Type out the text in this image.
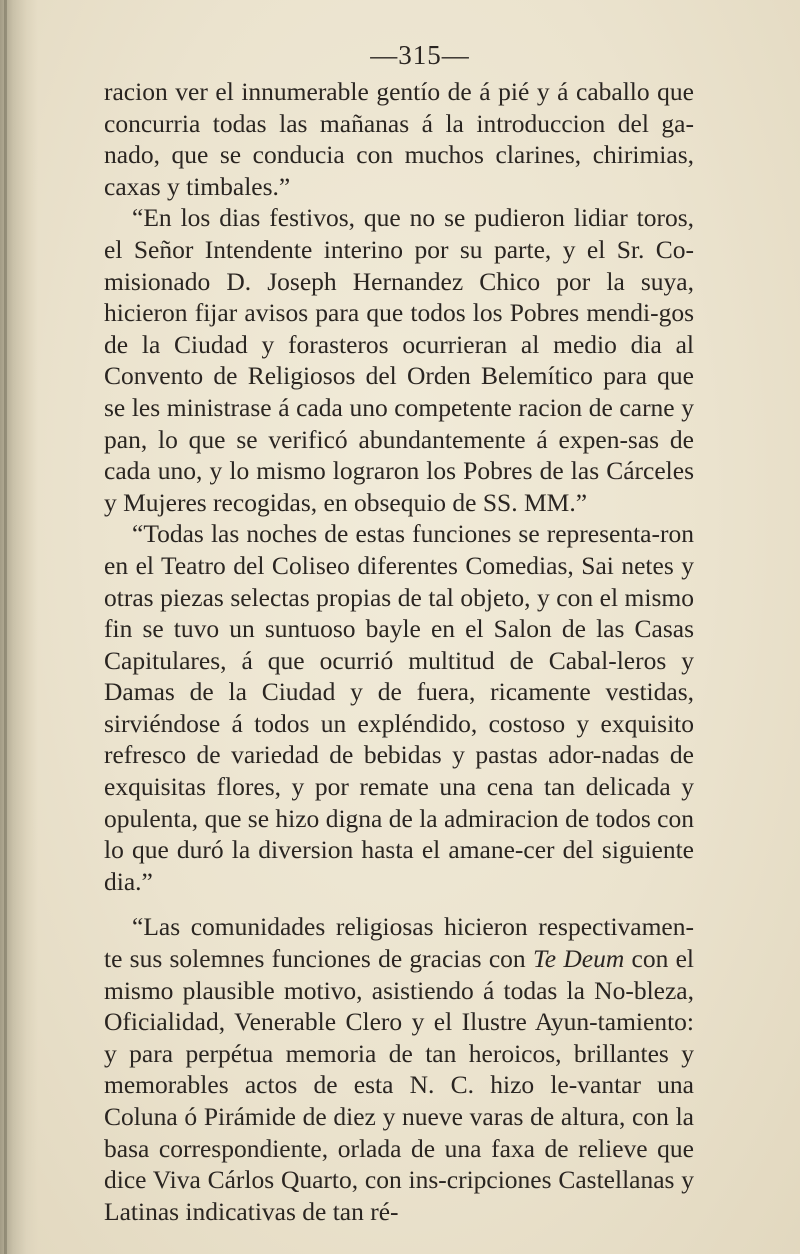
—315—

racion ver el innumerable gentío de á pié y á caballo que concurria todas las mañanas á la introduccion del ga-nado, que se conducia con muchos clarines, chirimias, caxas y timbales.”

“En los dias festivos, que no se pudieron lidiar toros, el Señor Intendente interino por su parte, y el Sr. Co-misionado D. Joseph Hernandez Chico por la suya, hicieron fijar avisos para que todos los Pobres mendi-gos de la Ciudad y forasteros ocurrieran al medio dia al Convento de Religiosos del Orden Belemítico para que se les ministrase á cada uno competente racion de carne y pan, lo que se verificó abundantemente á expen-sas de cada uno, y lo mismo lograron los Pobres de las Cárceles y Mujeres recogidas, en obsequio de SS. MM.”

“Todas las noches de estas funciones se representa-ron en el Teatro del Coliseo diferentes Comedias, Sai netes y otras piezas selectas propias de tal objeto, y con el mismo fin se tuvo un suntuoso bayle en el Salon de las Casas Capitulares, á que ocurrió multitud de Cabal-leros y Damas de la Ciudad y de fuera, ricamente vestidas, sirviéndose á todos un expléndido, costoso y exquisito refresco de variedad de bebidas y pastas ador-nadas de exquisitas flores, y por remate una cena tan delicada y opulenta, que se hizo digna de la admiracion de todos con lo que duró la diversion hasta el amane-cer del siguiente dia.”

“Las comunidades religiosas hicieron respectivamen-te sus solemnes funciones de gracias con Te Deum con el mismo plausible motivo, asistiendo á todas la No-bleza, Oficialidad, Venerable Clero y el Ilustre Ayun-tamiento: y para perpétua memoria de tan heroicos, brillantes y memorables actos de esta N. C. hizo le-vantar una Coluna ó Pirámide de diez y nueve varas de altura, con la basa correspondiente, orlada de una faxa de relieve que dice Viva Cárlos Quarto, con ins-cripciones Castellanas y Latinas indicativas de tan ré-
